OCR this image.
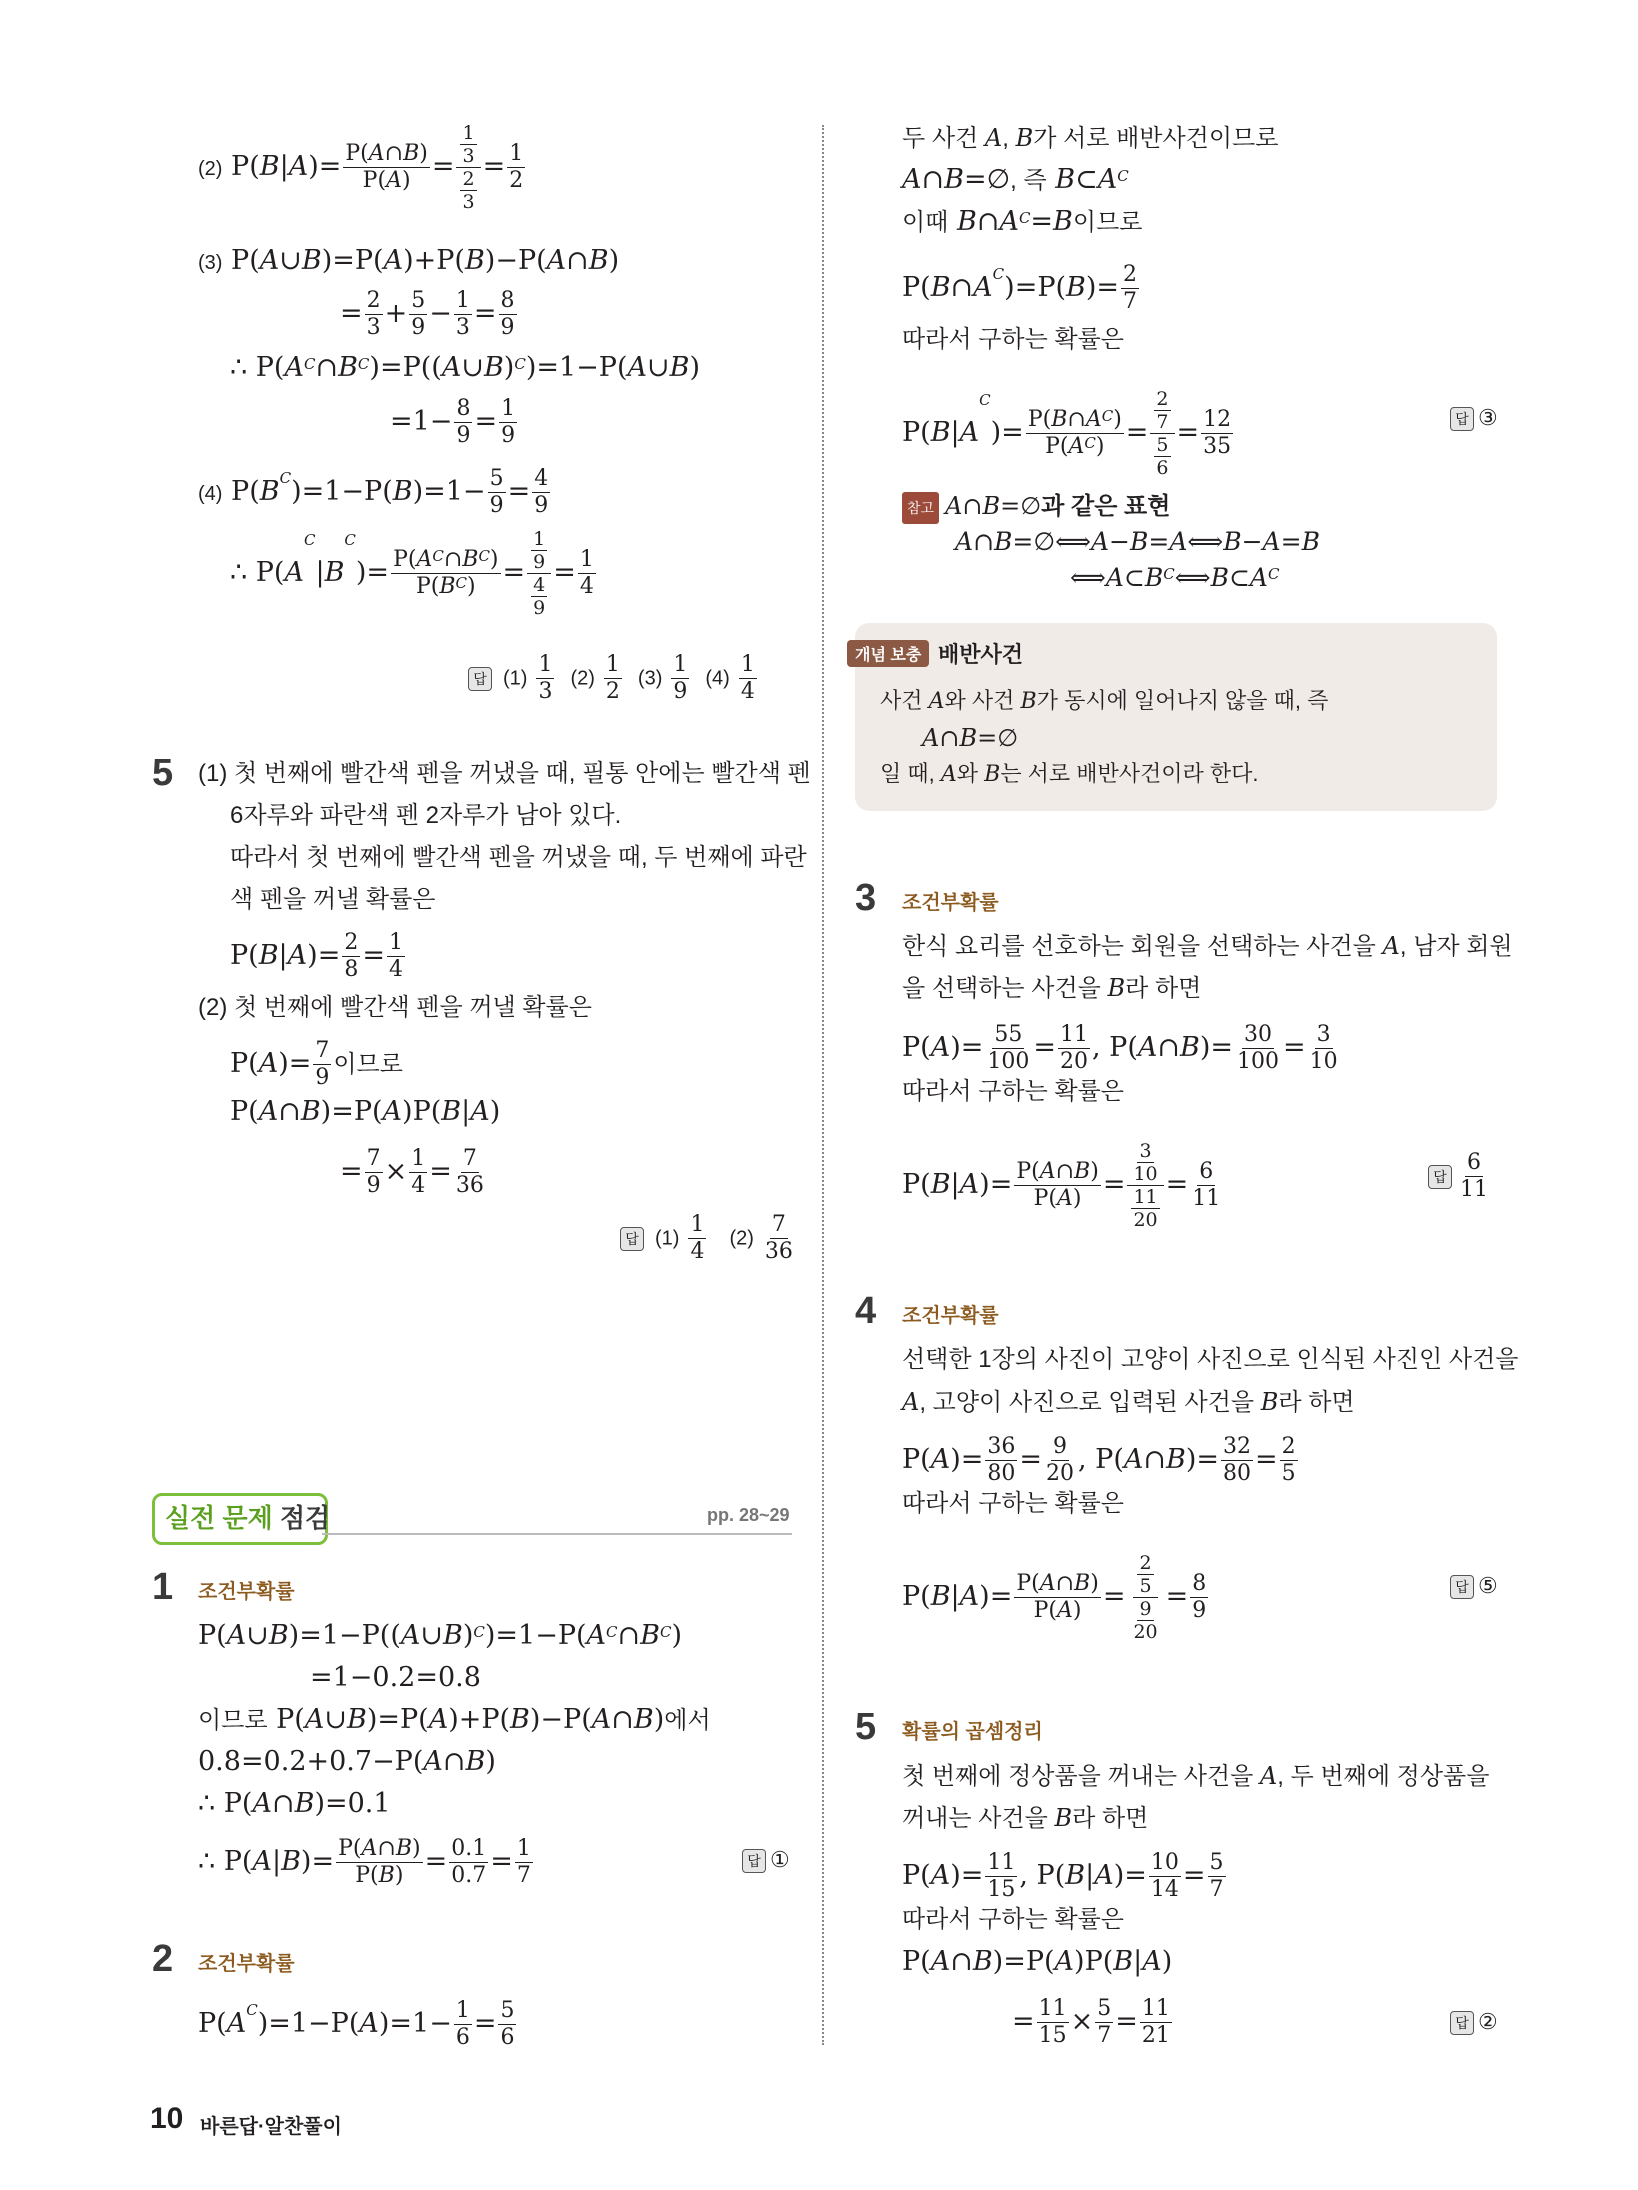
(2) $P(B|A)= \frac{P(A\cap B)}{P(A)} = \frac{\frac{1}{3}}{\frac{2}{3}} = \frac{1}{2}$
(3) P(A∪B)=P(A)+P(B)−P(A∩B)
= $\frac{2}{3} + \frac{5}{9} - \frac{1}{3} = \frac{8}{9}$
∴ $P(A^C\cap B^C)=P((A\cup B)^C)=1-P(A\cup B)$
$=1- \frac{8}{9} = \frac{1}{9}$
(4) $P(B^C)=1-P(B)=1- \frac{5}{9} = \frac{4}{9}$
∴ $P(A^C|B^C)= \frac{P(A^C\cap B^C)}{P(B^C)} = \frac{\frac{1}{9}}{\frac{4}{9}} = \frac{1}{4}$
답 $(1) \frac{1}{3} (2) \frac{1}{2} (3) \frac{1}{9} (4) \frac{1}{4}$
5 (1) 첫 번째에 빨간색 펜을 꺼냈을 때, 필통 안에는 빨간색 펜
6자루와 파란색 펜 2자루가 남아 있다.
따라서 첫 번째에 빨간색 펜을 꺼냈을 때, 두 번째에 파란
색 펜을 꺼낼 확률은
$P(B|A)= \frac{2}{8} = \frac{1}{4}$
(2) 첫 번째에 빨간색 펜을 꺼낼 확률은
$P(A)= \frac{7}{9}$ 이므로
P(A∩B)=P(A)P(B|A)
= $\frac{7}{9} \times \frac{1}{4} = \frac{7}{36}$
답 $(1) \frac{1}{4} (2) \frac{7}{36}$
실전 문제 점검	pp. 28~29
1 조건부확률
$P(A\cup B)=1-P((A\cup B)^C)=1-P(A^C\cap B^C)$
=1−0.2=0.8
이므로 P(A∪B)=P(A)+P(B)−P(A∩B)에서
0.8=0.2+0.7−P(A∩B)
∴ P(A∩B)=0.1
∴ $P(A|B)= \frac{P(A\cap B)}{P(B)} = \frac{0.1}{0.7} = \frac{1}{7}$	답 ①
2 조건부확률
$P(A^C)=1-P(A)=1- \frac{1}{6} = \frac{5}{6}$
두 사건 A, B가 서로 배반사건이므로
A∩B=∅, 즉 $B\subset A^C$
이때 $B\cap A^C=B$이므로
$P(B\cap A^C)=P(B)= \frac{2}{7}$
따라서 구하는 확률은
$P(B|A^C)= \frac{P(B\cap A^C)}{P(A^C)} = \frac{\frac{2}{7}}{\frac{5}{6}} = \frac{12}{35}$	답 ③
참고 A∩B=∅과 같은 표현
A∩B=∅⟺A−B=A⟺B−A=B
$⟺A\subset B^C⟺B\subset A^C$
개념 보충 배반사건
사건 A와 사건 B가 동시에 일어나지 않을 때, 즉
A∩B=∅
일 때, A와 B는 서로 배반사건이라 한다.
3 조건부확률
한식 요리를 선호하는 회원을 선택하는 사건을 A, 남자 회원
을 선택하는 사건을 B라 하면
$P(A)= \frac{55}{100} = \frac{11}{20}$ , P(A∩B)= $\frac{30}{100} = \frac{3}{10}$
따라서 구하는 확률은
$P(B|A)= \frac{P(A\cap B)}{P(A)} = \frac{\frac{3}{10}}{\frac{11}{20}} = \frac{6}{11}$	답 $\frac{6}{11}$
4 조건부확률
선택한 1장의 사진이 고양이 사진으로 인식된 사진인 사건을
A, 고양이 사진으로 입력된 사건을 B라 하면
$P(A)= \frac{36}{80} = \frac{9}{20}$ , P(A∩B)= $\frac{32}{80} = \frac{2}{5}$
따라서 구하는 확률은
$P(B|A)= \frac{P(A\cap B)}{P(A)} = \frac{\frac{2}{5}}{\frac{9}{20}} = \frac{8}{9}$	답 ⑤
5 확률의 곱셈정리
첫 번째에 정상품을 꺼내는 사건을 A, 두 번째에 정상품을
꺼내는 사건을 B라 하면
$P(A)= \frac{11}{15}$ , $P(B|A)= \frac{10}{14} = \frac{5}{7}$
따라서 구하는 확률은
P(A∩B)=P(A)P(B|A)
= $\frac{11}{15} \times \frac{5}{7} = \frac{11}{21}$	답 ②
10 바른답·알찬풀이
